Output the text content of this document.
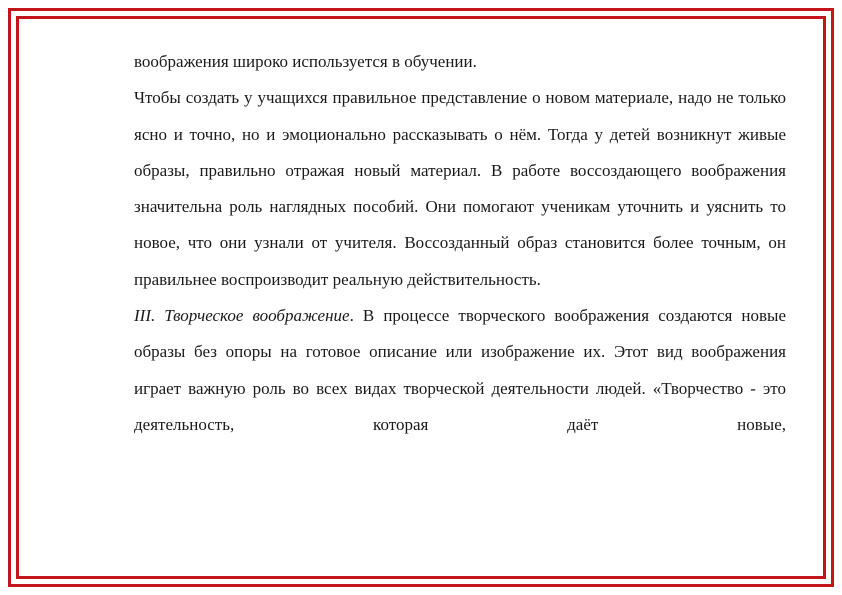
воображения широко используется в обучении.

Чтобы создать у учащихся правильное представление о новом материале, надо не только ясно и точно, но и эмоционально рассказывать о нём. Тогда у детей возникнут живые образы, правильно отражая новый материал. В работе воссоздающего воображения значительна роль наглядных пособий. Они помогают ученикам уточнить и уяснить то новое, что они узнали от учителя. Воссозданный образ становится более точным, он правильнее воспроизводит реальную действительность.

III. Творческое воображение. В процессе творческого воображения создаются новые образы без опоры на готовое описание или изображение их. Этот вид воображения играет важную роль во всех видах творческой деятельности людей. «Творчество - это деятельность, которая даёт новые,
